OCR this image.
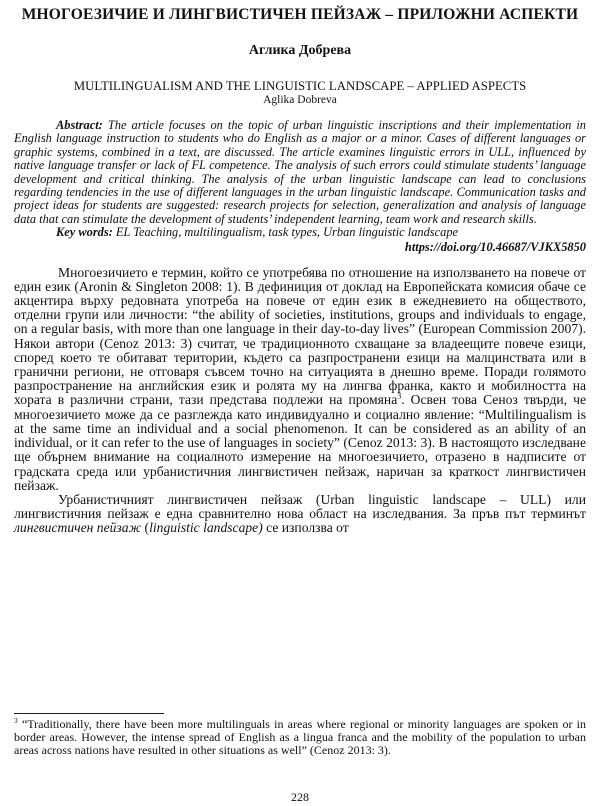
МНОГОЕЗИЧИЕ И ЛИНГВИСТИЧЕН ПЕЙЗАЖ – ПРИЛОЖНИ АСПЕКТИ
Аглика Добрева
MULTILINGUALISM AND THE LINGUISTIC LANDSCAPE – APPLIED ASPECTS
Aglika Dobreva

Abstract: The article focuses on the topic of urban linguistic inscriptions and their implementation in English language instruction to students who do English as a major or a minor. Cases of different languages or graphic systems, combined in a text, are discussed. The article examines linguistic errors in ULL, influenced by native language transfer or lack of FL competence. The analysis of such errors could stimulate students’ language development and critical thinking. The analysis of the urban linguistic landscape can lead to conclusions regarding tendencies in the use of different languages in the urban linguistic landscape. Communication tasks and project ideas for students are suggested: research projects for selection, generalization and analysis of language data that can stimulate the development of students’ independent learning, team work and research skills.

Key words: EL Teaching, multilingualism, task types, Urban linguistic landscape

https://doi.org/10.46687/VJKX5850

Многоезичието е термин, който се употребява по отношение на използването на повече от един език (Aronin & Singleton 2008: 1). В дефиниция от доклад на Европейската комисия обаче се акцентира върху редовната употреба на повече от един език в ежедневието на обществото, отделни групи или личности: “the ability of societies, institutions, groups and individuals to engage, on a regular basis, with more than one language in their day-to-day lives” (European Commission 2007). Някои автори (Cenoz 2013: 3) считат, че традиционното схващане за владеещите повече езици, според което те обитават територии, където са разпространени езици на малцинствата или в гранични региони, не отговаря съвсем точно на ситуацията в днешно време. Поради голямото разпространение на английския език и ролята му на лингва франка, както и мобилността на хората в различни страни, тази представа подлежи на промяна$^3$. Освен това Сеноз твърди, че многоезичието може да се разглежда като индивидуално и социално явление: “Multilingualism is at the same time an individual and a social phenomenon. It can be considered as an ability of an individual, or it can refer to the use of languages in society” (Cenoz 2013: 3). В настоящото изследване ще обърнем внимание на социалното измерение на многоезичието, отразено в надписите от градската среда или урбанистичния лингвистичен пейзаж, наричан за краткост лингвистичен пейзаж.

Урбанистичният лингвистичен пейзаж (Urban linguistic landscape – ULL) или лингвистичния пейзаж е една сравнително нова област на изследвания. За пръв път терминът лингвистичен пейзаж (linguistic landscape) се използва от

$^3$ “Traditionally, there have been more multilinguals in areas where regional or minority languages are spoken or in border areas. However, the intense spread of English as a lingua franca and the mobility of the population to urban areas across nations have resulted in other situations as well” (Cenoz 2013: 3).

228
